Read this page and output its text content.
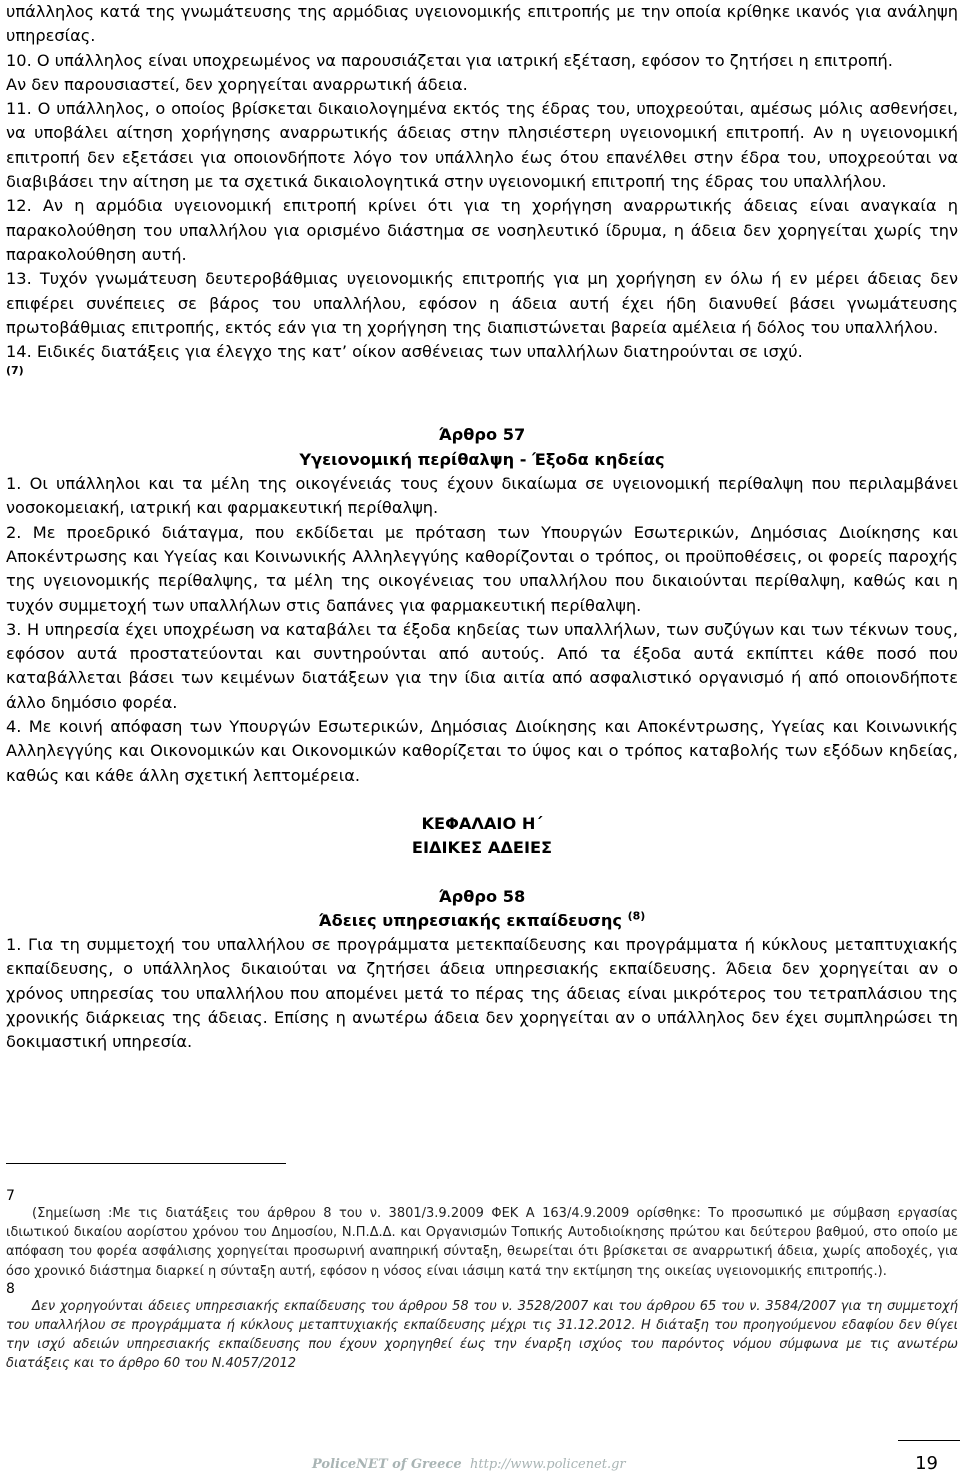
υπάλληλος κατά της γνωμάτευσης της αρμόδιας υγειονομικής επιτροπής με την οποία κρίθηκε ικανός για ανάληψη υπηρεσίας.

10. Ο υπάλληλος είναι υποχρεωμένος να παρουσιάζεται για ιατρική εξέταση, εφόσον το ζητήσει η επιτροπή.

Αν δεν παρουσιαστεί, δεν χορηγείται αναρρωτική άδεια.

11. Ο υπάλληλος, ο οποίος βρίσκεται δικαιολογημένα εκτός της έδρας του, υποχρεούται, αμέσως μόλις ασθενήσει, να υποβάλει αίτηση χορήγησης αναρρωτικής άδειας στην πλησιέστερη υγειονομική επιτροπή. Αν η υγειονομική επιτροπή δεν εξετάσει για οποιονδήποτε λόγο τον υπάλληλο έως ότου επανέλθει στην έδρα του, υποχρεούται να διαβιβάσει την αίτηση με τα σχετικά δικαιολογητικά στην υγειονομική επιτροπή της έδρας του υπαλλήλου.

12. Αν η αρμόδια υγειονομική επιτροπή κρίνει ότι για τη χορήγηση αναρρωτικής άδειας είναι αναγκαία η παρακολούθηση του υπαλλήλου για ορισμένο διάστημα σε νοσηλευτικό ίδρυμα, η άδεια δεν χορηγείται χωρίς την παρακολούθηση αυτή.

13. Τυχόν γνωμάτευση δευτεροβάθμιας υγειονομικής επιτροπής για μη χορήγηση εν όλω ή εν μέρει άδειας δεν επιφέρει συνέπειες σε βάρος του υπαλλήλου, εφόσον η άδεια αυτή έχει ήδη διανυθεί βάσει γνωμάτευσης πρωτοβάθμιας επιτροπής, εκτός εάν για τη χορήγηση της διαπιστώνεται βαρεία αμέλεια ή δόλος του υπαλλήλου.

14. Ειδικές διατάξεις για έλεγχο της κατ’ οίκον ασθένειας των υπαλλήλων διατηρούνται σε ισχύ.

(7)

Άρθρο 57

Υγειονομική περίθαλψη - Έξοδα κηδείας

1. Οι υπάλληλοι και τα μέλη της οικογένειάς τους έχουν δικαίωμα σε υγειονομική περίθαλψη που περιλαμβάνει νοσοκομειακή, ιατρική και φαρμακευτική περίθαλψη.

2. Με προεδρικό διάταγμα, που εκδίδεται με πρόταση των Υπουργών Εσωτερικών, Δημόσιας Διοίκησης και Αποκέντρωσης και Υγείας και Κοινωνικής Αλληλεγγύης καθορίζονται ο τρόπος, οι προϋποθέσεις, οι φορείς παροχής της υγειονομικής περίθαλψης, τα μέλη της οικογένειας του υπαλλήλου που δικαιούνται περίθαλψη, καθώς και η τυχόν συμμετοχή των υπαλλήλων στις δαπάνες για φαρμακευτική περίθαλψη.

3. Η υπηρεσία έχει υποχρέωση να καταβάλει τα έξοδα κηδείας των υπαλλήλων, των συζύγων και των τέκνων τους, εφόσον αυτά προστατεύονται και συντηρούνται από αυτούς. Από τα έξοδα αυτά εκπίπτει κάθε ποσό που καταβάλλεται βάσει των κειμένων διατάξεων για την ίδια αιτία από ασφαλιστικό οργανισμό ή από οποιονδήποτε άλλο δημόσιο φορέα.

4. Με κοινή απόφαση των Υπουργών Εσωτερικών, Δημόσιας Διοίκησης και Αποκέντρωσης, Υγείας και Κοινωνικής Αλληλεγγύης και Οικονομικών και Οικονομικών καθορίζεται το ύψος και ο τρόπος καταβολής των εξόδων κηδείας, καθώς και κάθε άλλη σχετική λεπτομέρεια.

ΚΕΦΑΛΑΙΟ Η΄

ΕΙΔΙΚΕΣ ΑΔΕΙΕΣ

Άρθρο 58

Άδειες υπηρεσιακής εκπαίδευσης $^{(8)}$

1. Για τη συμμετοχή του υπαλλήλου σε προγράμματα μετεκπαίδευσης και προγράμματα ή κύκλους μεταπτυχιακής εκπαίδευσης, ο υπάλληλος δικαιούται να ζητήσει άδεια υπηρεσιακής εκπαίδευσης. Άδεια δεν χορηγείται αν ο χρόνος υπηρεσίας του υπαλλήλου που απομένει μετά το πέρας της άδειας είναι μικρότερος του τετραπλάσιου της χρονικής διάρκειας της άδειας. Επίσης η ανωτέρω άδεια δεν χορηγείται αν ο υπάλληλος δεν έχει συμπληρώσει τη δοκιμαστική υπηρεσία.

7

(Σημείωση :Με τις διατάξεις του άρθρου 8 του ν. 3801/3.9.2009 ΦΕΚ Α 163/4.9.2009 ορίσθηκε: Το προσωπικό με σύμβαση εργασίας ιδιωτικού δικαίου αορίστου χρόνου του Δημοσίου, Ν.Π.Δ.Δ. και Οργανισμών Τοπικής Αυτοδιοίκησης πρώτου και δεύτερου βαθμού, στο οποίο με απόφαση του φορέα ασφάλισης χορηγείται προσωρινή αναπηρική σύνταξη, θεωρείται ότι βρίσκεται σε αναρρωτική άδεια, χωρίς αποδοχές, για όσο χρονικό διάστημα διαρκεί η σύνταξη αυτή, εφόσον η νόσος είναι ιάσιμη κατά την εκτίμηση της οικείας υγειονομικής επιτροπής.).

8

Δεν χορηγούνται άδειες υπηρεσιακής εκπαίδευσης του άρθρου 58 του ν. 3528/2007 και του άρθρου 65 του ν. 3584/2007 για τη συμμετοχή του υπαλλήλου σε προγράμματα ή κύκλους μεταπτυχιακής εκπαίδευσης μέχρι τις 31.12.2012. Η διάταξη του προηγούμενου εδαφίου δεν θίγει την ισχύ αδειών υπηρεσιακής εκπαίδευσης που έχουν χορηγηθεί έως την έναρξη ισχύος του παρόντος νόμου σύμφωνα με τις ανωτέρω διατάξεις και το άρθρο 60 του Ν.4057/2012

PoliceNET of Greece http://www.policenet.gr	19
